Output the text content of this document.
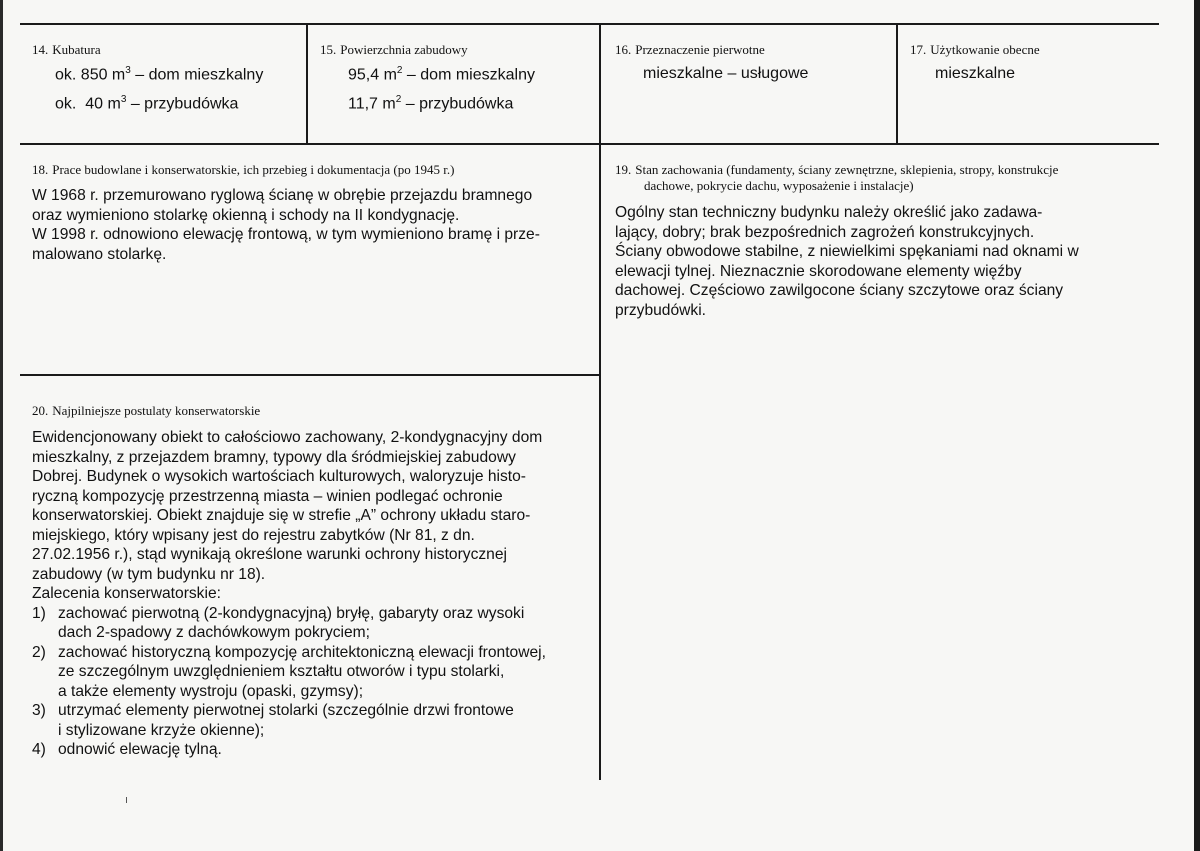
14. Kubatura
ok. 850 $m^3$ – dom mieszkalny
ok.  40 $m^3$ – przybudówka
15. Powierzchnia zabudowy
95,4 $m^2$ – dom mieszkalny
11,7 $m^2$ – przybudówka
16. Przeznaczenie pierwotne
mieszkalne – usługowe
17. Użytkowanie obecne
mieszkalne
18. Prace budowlane i konserwatorskie, ich przebieg i dokumentacja (po 1945 r.)
W 1968 r. przemurowano ryglową ścianę w obrębie przejazdu bramnego
oraz wymieniono stolarkę okienną i schody na II kondygnację.
W 1998 r. odnowiono elewację frontową, w tym wymieniono bramę i prze-
malowano stolarkę.
19. Stan zachowania (fundamenty, ściany zewnętrzne, sklepienia, stropy, konstrukcje
dachowe, pokrycie dachu, wyposażenie i instalacje)
Ogólny stan techniczny budynku należy określić jako zadawa-
lający, dobry; brak bezpośrednich zagrożeń konstrukcyjnych.
Ściany obwodowe stabilne, z niewielkimi spękaniami nad oknami w
elewacji tylnej. Nieznacznie skorodowane elementy więźby
dachowej. Częściowo zawilgocone ściany szczytowe oraz ściany
przybudówki.
20. Najpilniejsze postulaty konserwatorskie
Ewidencjonowany obiekt to całościowo zachowany, 2-kondygnacyjny dom
mieszkalny, z przejazdem bramny, typowy dla śródmiejskiej zabudowy
Dobrej. Budynek o wysokich wartościach kulturowych, waloryzuje histo-
ryczną kompozycję przestrzenną miasta – winien podlegać ochronie
konserwatorskiej. Obiekt znajduje się w strefie „A” ochrony układu staro-
miejskiego, który wpisany jest do rejestru zabytków (Nr 81, z dn.
27.02.1956 r.), stąd wynikają określone warunki ochrony historycznej
zabudowy (w tym budynku nr 18).
Zalecenia konserwatorskie:
1) zachować pierwotną (2-kondygnacyjną) bryłę, gabaryty oraz wysoki
dach 2-spadowy z dachówkowym pokryciem;
2) zachować historyczną kompozycję architektoniczną elewacji frontowej,
ze szczególnym uwzględnieniem kształtu otworów i typu stolarki,
a także elementy wystroju (opaski, gzymsy);
3) utrzymać elementy pierwotnej stolarki (szczególnie drzwi frontowe
i stylizowane krzyże okienne);
4) odnowić elewację tylną.
